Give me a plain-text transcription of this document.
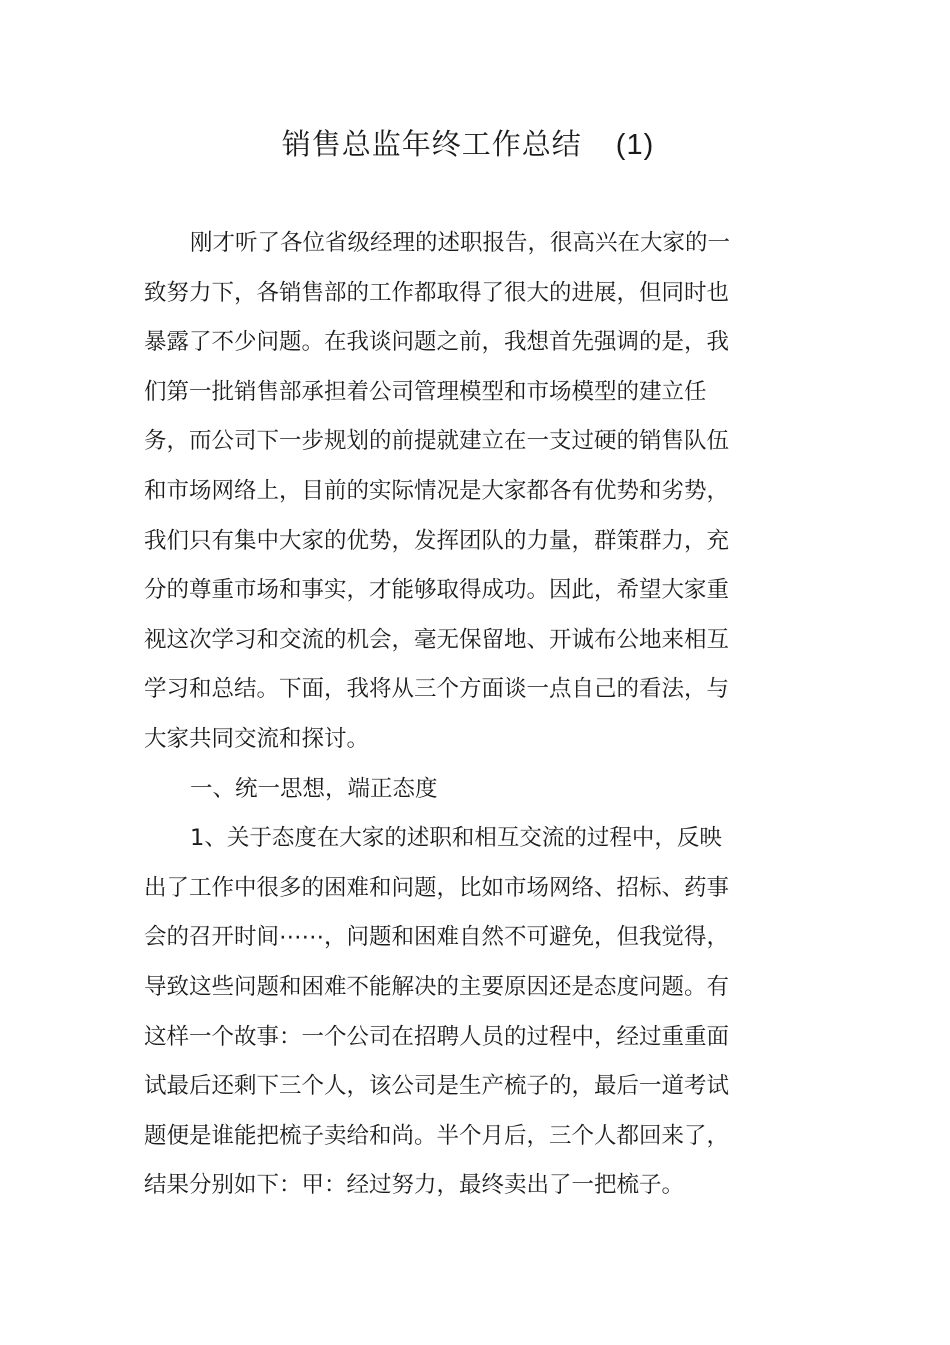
销售总监年终工作总结 (1)
刚才听了各位省级经理的述职报告，很高兴在大家的一
致努力下，各销售部的工作都取得了很大的进展，但同时也
暴露了不少问题。在我谈问题之前，我想首先强调的是，我
们第一批销售部承担着公司管理模型和市场模型的建立任
务，而公司下一步规划的前提就建立在一支过硬的销售队伍
和市场网络上，目前的实际情况是大家都各有优势和劣势，
我们只有集中大家的优势，发挥团队的力量，群策群力，充
分的尊重市场和事实，才能够取得成功。因此，希望大家重
视这次学习和交流的机会，毫无保留地、开诚布公地来相互
学习和总结。下面，我将从三个方面谈一点自己的看法，与
大家共同交流和探讨。
一、统一思想，端正态度
1、关于态度在大家的述职和相互交流的过程中，反映
出了工作中很多的困难和问题，比如市场网络、招标、药事
会的召开时间⋯⋯，问题和困难自然不可避免，但我觉得，
导致这些问题和困难不能解决的主要原因还是态度问题。有
这样一个故事：一个公司在招聘人员的过程中，经过重重面
试最后还剩下三个人，该公司是生产梳子的，最后一道考试
题便是谁能把梳子卖给和尚。半个月后，三个人都回来了，
结果分别如下：甲：经过努力，最终卖出了一把梳子。
